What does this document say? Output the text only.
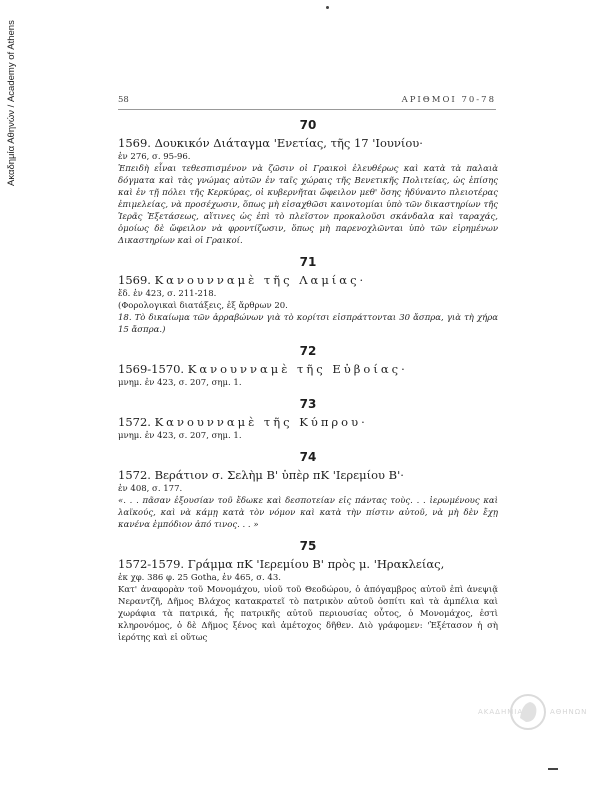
Ακαδημία Αθηνών / Academy of Athens	58	ΑΡΙΘΜΟΙ 70-78
70
1569. Δουκικόν Διάταγμα 'Ενετίας, τῆς 17 'Ιουνίου·
ἐν 276, σ. 95-96.
Ἐπειδὴ εἶναι τεθεσπισμένον νὰ ζῶσιν οἱ Γραικοὶ ἐλευθέρως καὶ κατὰ τὰ παλαιὰ δόγματα καὶ τὰς γνώμας αὐτῶν ἐν ταῖς χώραις τῆς Βενετικῆς Πολιτείας, ὡς ἐπίσης καὶ ἐν τῇ πόλει τῆς Κερκύρας, οἱ κυβερνῆται ὤφειλον μεθ' ὅσης ἠδύναντο πλειοτέρας ἐπιμελείας, νὰ προσέχωσιν, ὅπως μὴ εἰσαχθῶσι καινοτομίαι ὑπὸ τῶν δικαστηρίων τῆς Ἱερᾶς Ἐξετάσεως, αἵτινες ὡς ἐπὶ τὸ πλεῖστον προκαλοῦσι σκάνδαλα καὶ ταραχάς, ὁμοίως δὲ ὤφειλον νὰ φροντίζωσιν, ὅπως μὴ παρενοχλῶνται ὑπὸ τῶν εἰρημένων Δικαστηρίων καὶ οἱ Γραικοί.
71
1569. Κανουνναμὲ τῆς Λαμίας·
ἔδ. ἐν 423, σ. 211-218.
(Φορολογικαὶ διατάξεις, ἐξ ἄρθρων 20.
18. Τὸ δικαίωμα τῶν ἀρραβώνων γιὰ τὸ κορίτσι εἰσπράττονται 30 ἄσπρα, γιὰ τὴ χήρα 15 ἄσπρα.)
72
1569-1570. Κανουνναμὲ τῆς Εὐβοίας·
μνημ. ἐν 423, σ. 207, σημ. 1.
73
1572. Κανουνναμὲ τῆς Κύπρου·
μνημ. ἐν 423, σ. 207, σημ. 1.
74
1572. Βεράτιον σ. Σελὴμ Β' ὑπὲρ πΚ 'Ιερεμίου Β'·
ἐν 408, σ. 177.
«. . . πᾶσαν ἐξουσίαν τοῦ ἔδωκε καὶ δεσποτείαν εἰς πάντας τοὺς. . . ἱερωμένους καὶ λαϊκούς, καὶ νὰ κάμῃ κατὰ τὸν νόμον καὶ κατὰ τὴν πίστιν αὐτοῦ, νὰ μὴ δὲν ἔχῃ κανένα ἐμπόδιον ἀπό τινος. . . »
75
1572-1579. Γράμμα πΚ 'Ιερεμίου Β' πρὸς μ. 'Ηρακλείας,
ἐκ χφ. 386 φ. 25 Gotha, ἐν 465, σ. 43.
Κατ' ἀναφορὰν τοῦ Μονομάχου, υἱοῦ τοῦ Θεοδώρου, ὁ ἀπόγαμβρος αὐτοῦ ἐπὶ ἀνεψιᾷ Νεραντζῆ, Δῆμος Βλάχος κατακρατεῖ τὸ πατρικὸν αὐτοῦ ὁσπίτι καὶ τὰ ἀμπέλια καὶ χωράφια τὰ πατρικά, ἧς πατρικῆς αὐτοῦ περιουσίας οὗτος, ὁ Μονομάχος, ἐστὶ κληρονόμος, ὁ δὲ Δῆμος ξένος καὶ ἀμέτοχος δῆθεν. Διὸ γράφομεν: 'Ἐξέτασον ἡ σὴ ἱερότης καὶ εἰ οὕτως
ΑΚΑΔΗΜΙΑ	ΑΘΗΝΩΝ
